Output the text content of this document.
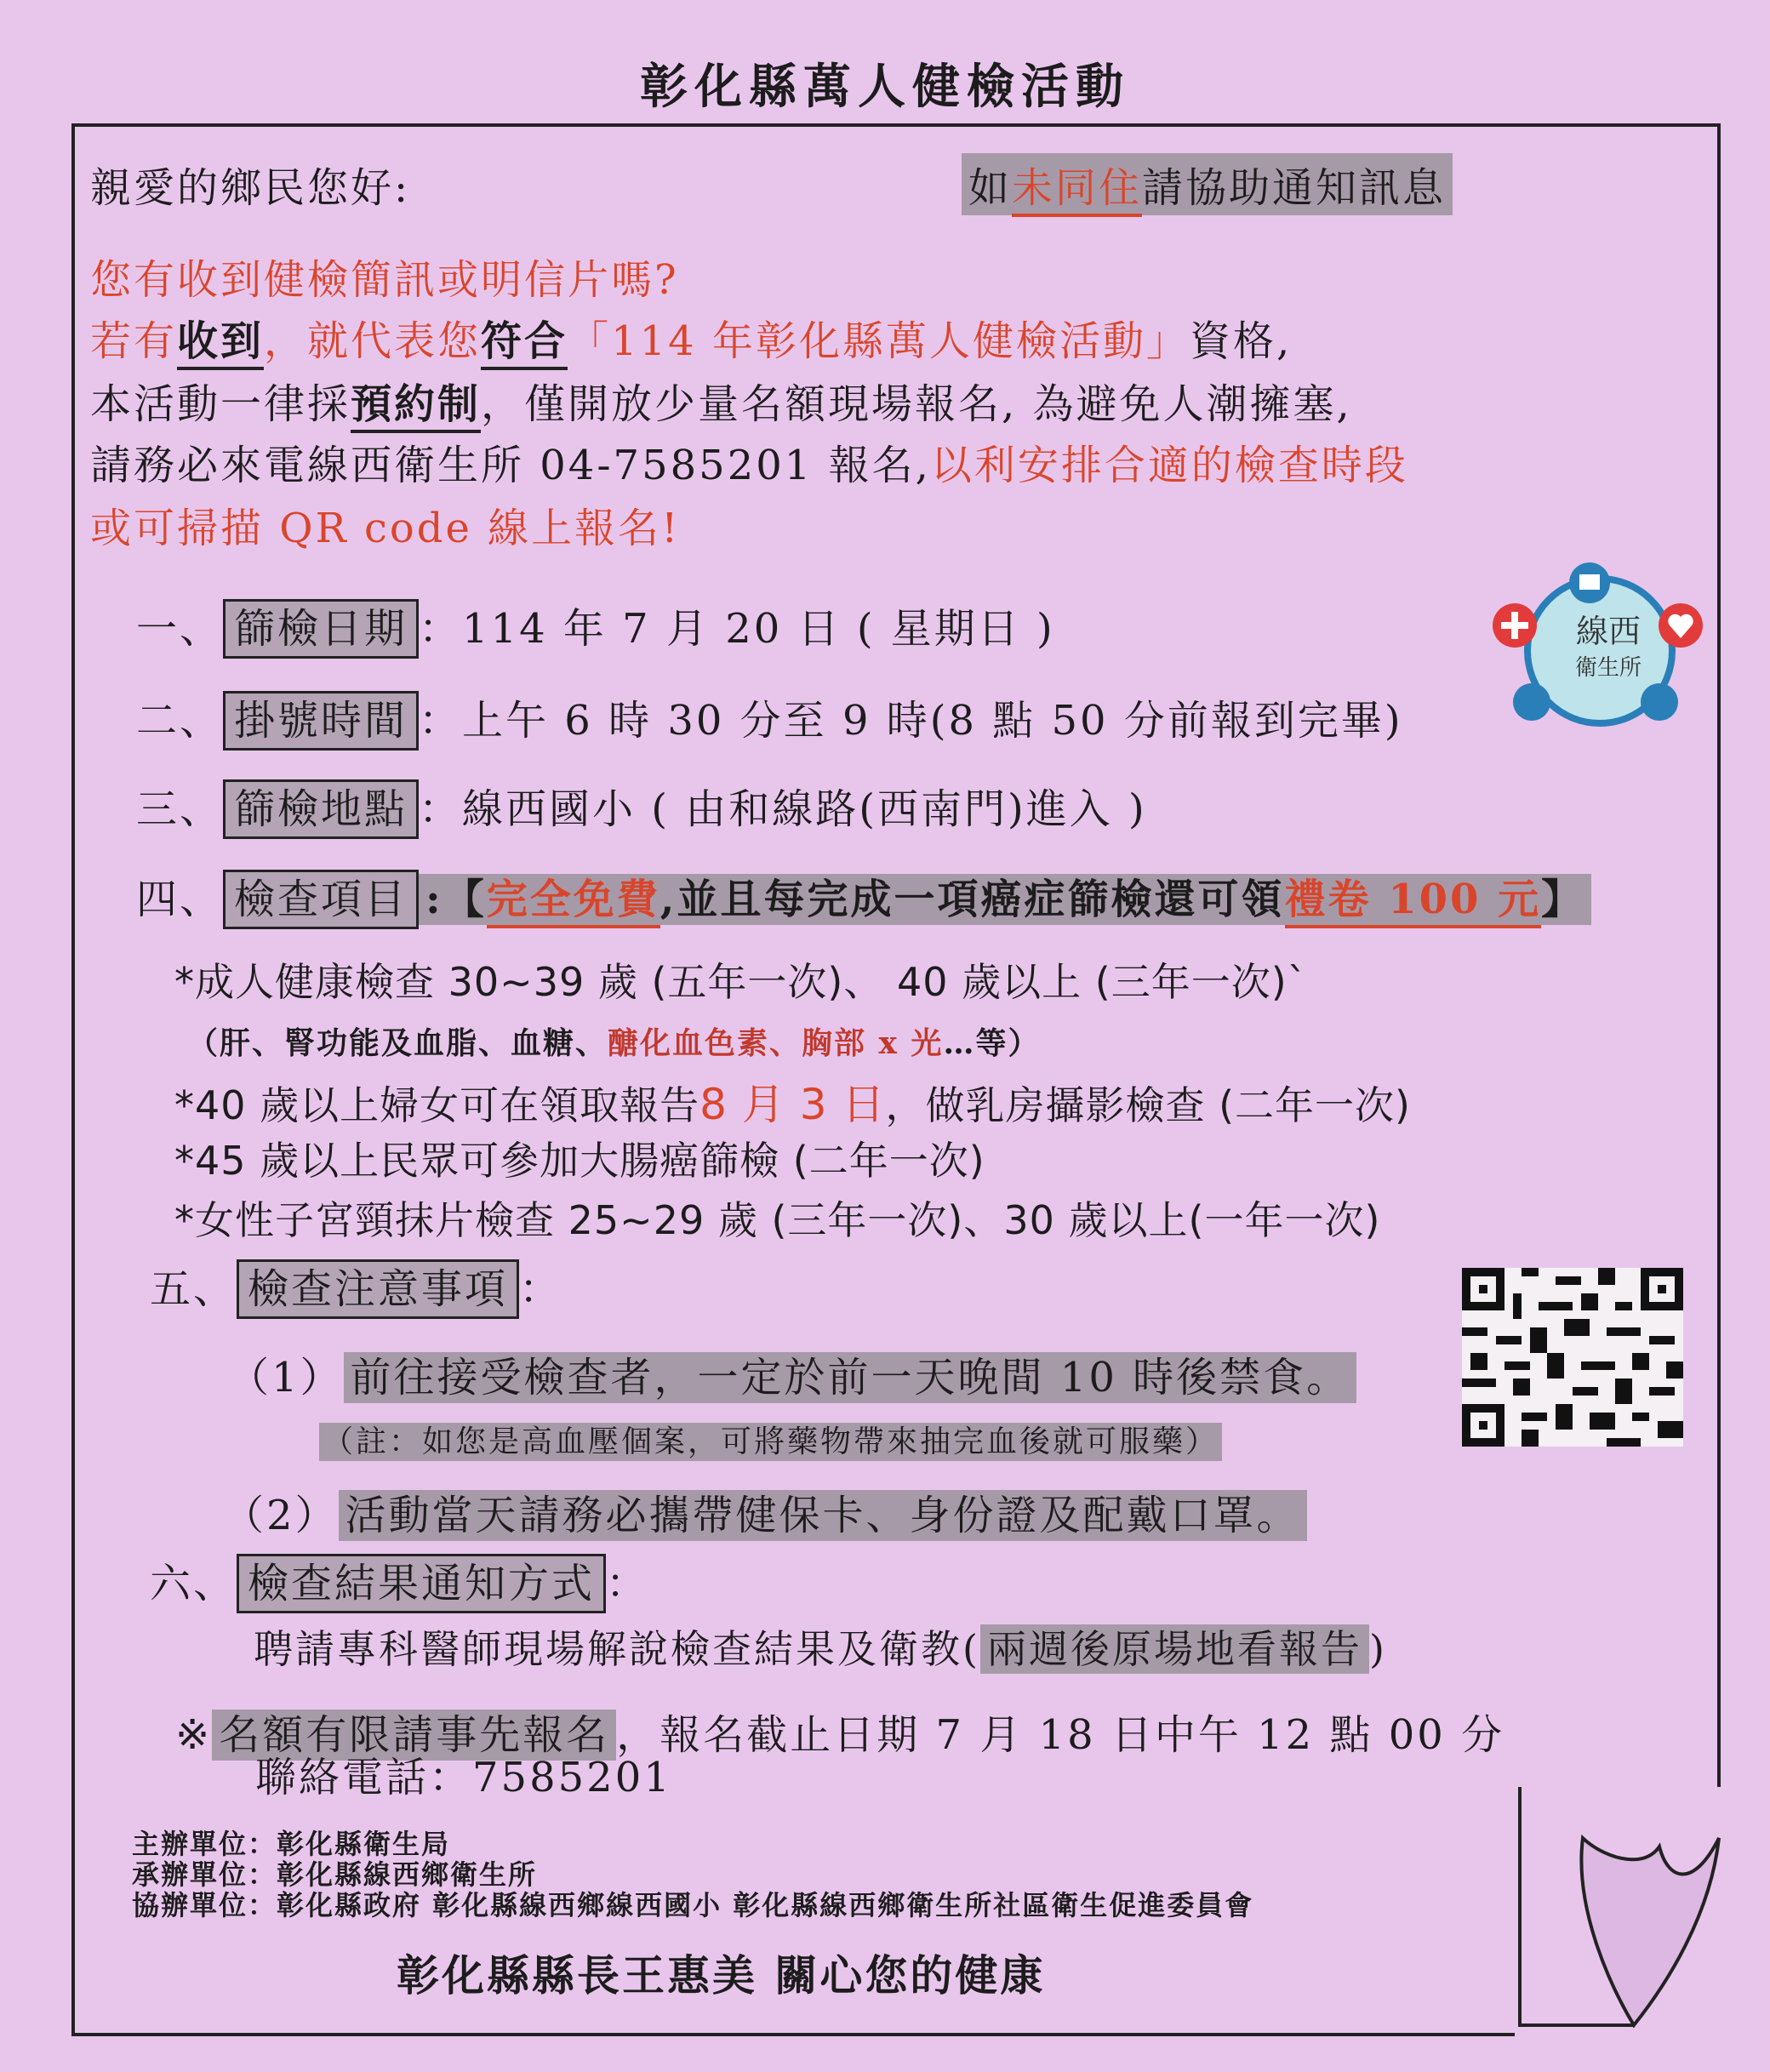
彰化縣萬人健檢活動
親愛的鄉民您好:	如未同住請協助通知訊息
您有收到健檢簡訊或明信片嗎?
若有收到，就代表您符合「114 年彰化縣萬人健檢活動」資格,
本活動一律採預約制，僅開放少量名額現場報名, 為避免人潮擁塞,
請務必來電線西衛生所 04-7585201 報名,以利安排合適的檢查時段
或可掃描 QR code 線上報名!
一、 篩檢日期 ：114 年 7 月 20 日 ( 星期日 )
二、 掛號時間 ：上午 6 時 30 分至 9 時(8 點 50 分前報到完畢)
三、 篩檢地點 ：線西國小 ( 由和線路(西南門)進入 )
四、 檢查項目 :【完全免費,並且每完成一項癌症篩檢還可領禮卷 100 元】
線西
衛生所
*成人健康檢查 30~39 歲 (五年一次)、 40 歲以上 (三年一次)`
（肝、腎功能及血脂、血糖、醣化血色素、胸部 x 光…等）
*40 歲以上婦女可在領取報告8 月 3 日，做乳房攝影檢查 (二年一次)
*45 歲以上民眾可參加大腸癌篩檢 (二年一次)
*女性子宮頸抹片檢查 25~29 歲 (三年一次)、30 歲以上(一年一次)
五、 檢查注意事項 ：
（1） 前往接受檢查者，一定於前一天晚間 10 時後禁食。
（註：如您是高血壓個案，可將藥物帶來抽完血後就可服藥）
（2） 活動當天請務必攜帶健保卡、身份證及配戴口罩。
六、 檢查結果通知方式 ：
聘請專科醫師現場解說檢查結果及衛教( 兩週後原場地看報告 )
※ 名額有限請事先報名 ，報名截止日期 7 月 18 日中午 12 點 00 分
聯絡電話：7585201
主辦單位：彰化縣衛生局
承辦單位：彰化縣線西鄉衛生所
協辦單位：彰化縣政府 彰化縣線西鄉線西國小 彰化縣線西鄉衛生所社區衛生促進委員會
彰化縣縣長王惠美 關心您的健康
